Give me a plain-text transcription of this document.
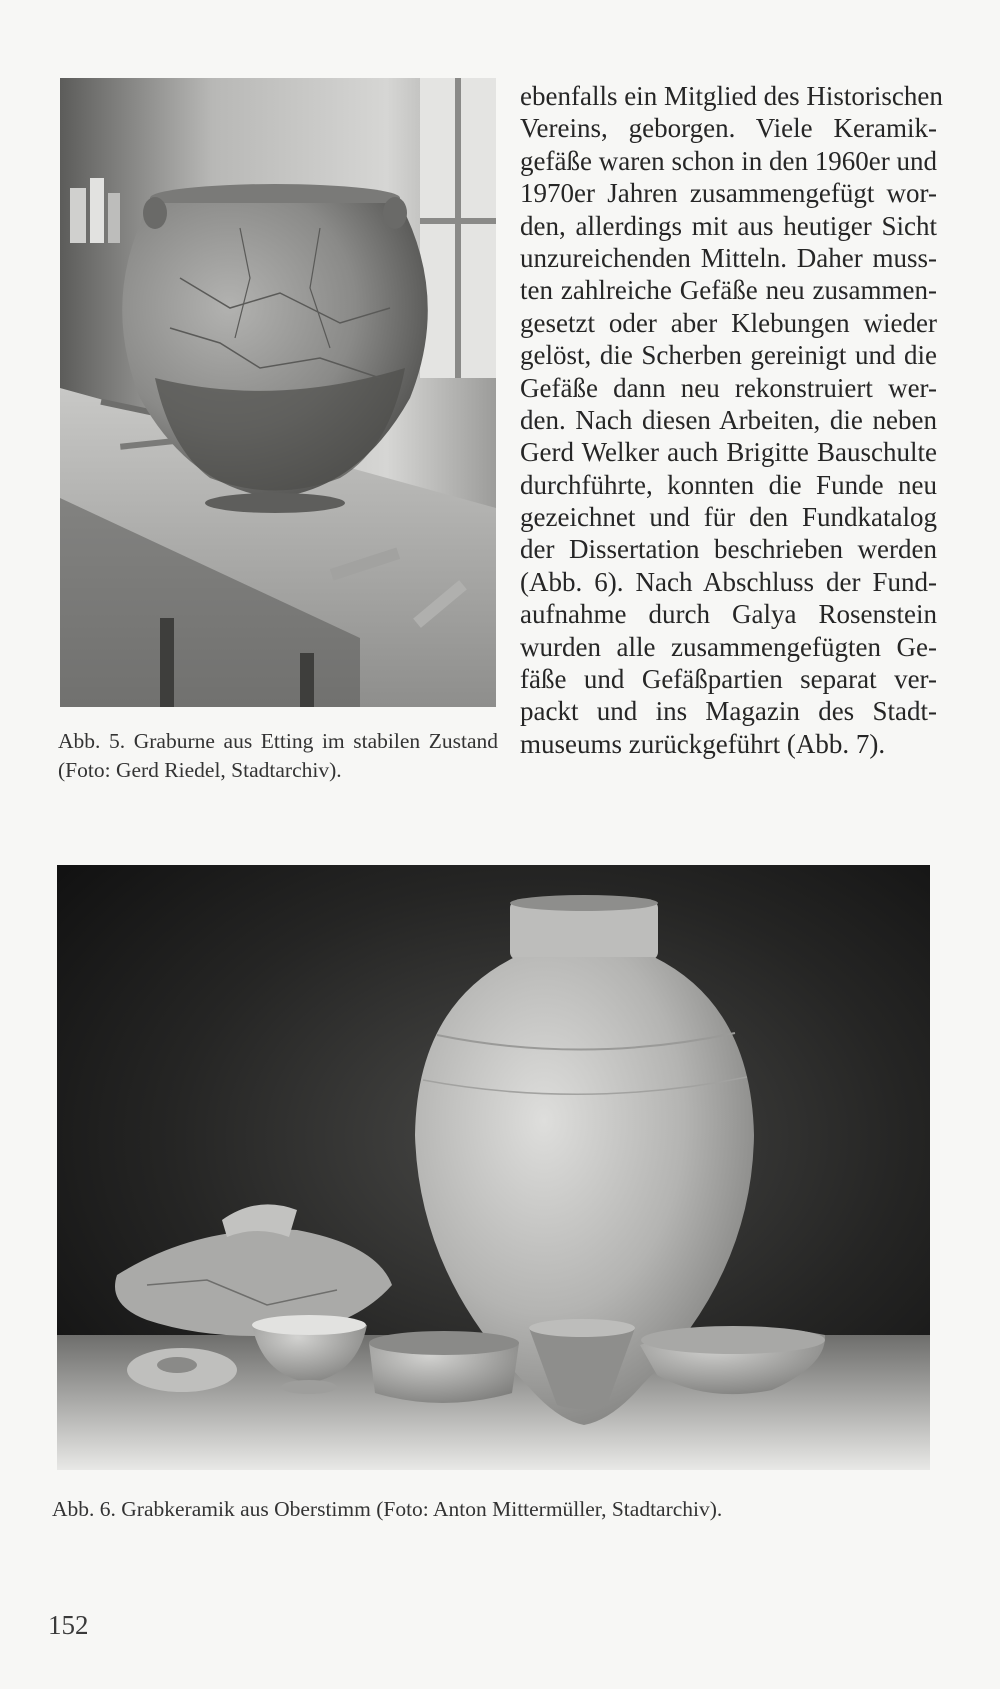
Abb. 5. Graburne aus Etting im stabilen Zustand (Foto: Gerd Riedel, Stadtarchiv).
ebenfalls ein Mitglied des Historischen
Vereins, geborgen. Viele Keramik-
gefäße waren schon in den 1960er und
1970er Jahren zusammengefügt wor-
den, allerdings mit aus heutiger Sicht
unzureichenden Mitteln. Daher muss-
ten zahlreiche Gefäße neu zusammen-
gesetzt oder aber Klebungen wieder
gelöst, die Scherben gereinigt und die
Gefäße dann neu rekonstruiert wer-
den. Nach diesen Arbeiten, die neben
Gerd Welker auch Brigitte Bauschulte
durchführte, konnten die Funde neu
gezeichnet und für den Fundkatalog
der Dissertation beschrieben werden
(Abb. 6). Nach Abschluss der Fund-
aufnahme durch Galya Rosenstein
wurden alle zusammengefügten Ge-
fäße und Gefäßpartien separat ver-
packt und ins Magazin des Stadt-
museums zurückgeführt (Abb. 7).
Abb. 6. Grabkeramik aus Oberstimm (Foto: Anton Mittermüller, Stadtarchiv).
152
